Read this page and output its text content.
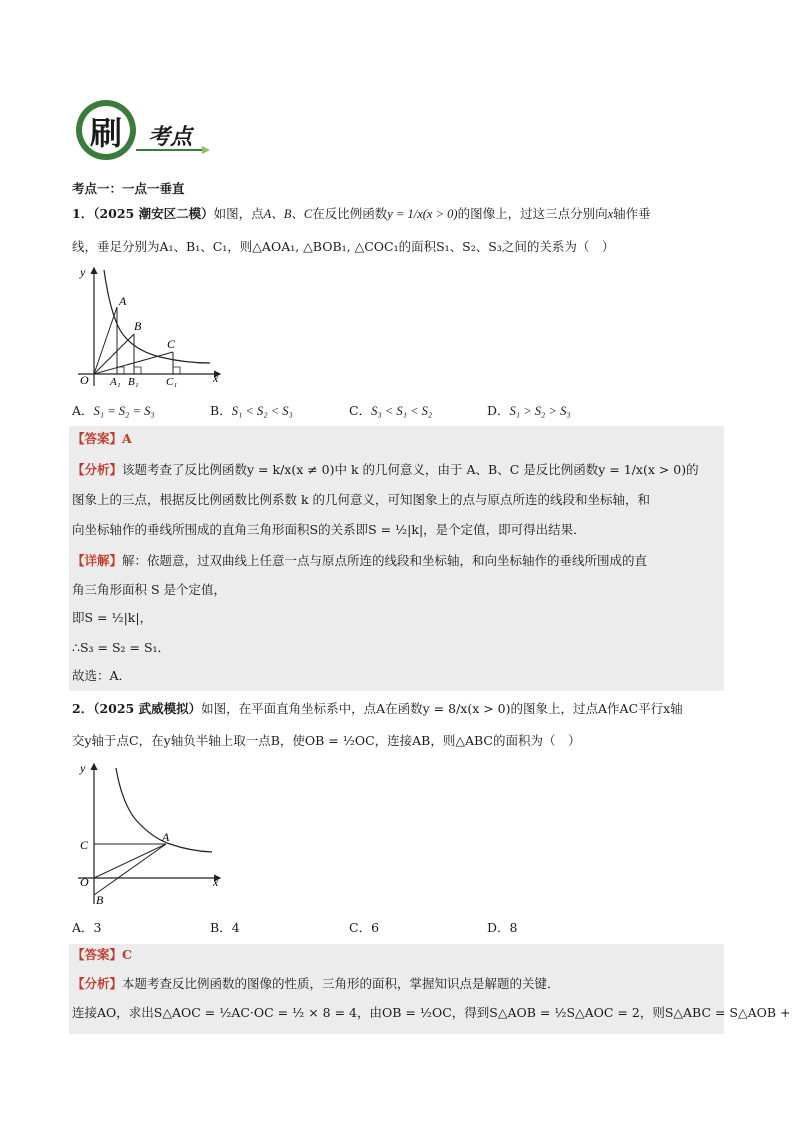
刷 考点
考点一：一点一垂直
1．（2025 潮安区二模）如图，点A、B、C在反比例函数y = 1/x(x > 0)的图像上，过这三点分别向x轴作垂
线，垂足分别为A₁、B₁、C₁，则△AOA₁, △BOB₁, △COC₁的面积S₁、S₂、S₃之间的关系为（　）
y
x
O
A
B
C
A₁ B₁ C₁
A．S₁ = S₂ = S₃	B．S₁ < S₂ < S₃	C．S₃ < S₁ < S₂	D．S₁ > S₂ > S₃
【答案】A
【分析】该题考查了反比例函数y = k/x(x ≠ 0)中 k 的几何意义，由于 A、B、C 是反比例函数y = 1/x(x > 0)的
图象上的三点，根据反比例函数比例系数 k 的几何意义，可知图象上的点与原点所连的线段和坐标轴，和
向坐标轴作的垂线所围成的直角三角形面积S的关系即S = ½|k|，是个定值，即可得出结果．
【详解】解：依题意，过双曲线上任意一点与原点所连的线段和坐标轴，和向坐标轴作的垂线所围成的直
角三角形面积 S 是个定值，
即S = ½|k|，
∴S₃ = S₂ = S₁．
故选：A．
2．（2025 武威模拟）如图，在平面直角坐标系中，点A在函数y = 8/x(x > 0)的图象上，过点A作AC平行x轴
交y轴于点C，在y轴负半轴上取一点B，使OB = ½OC，连接AB，则△ABC的面积为（　）
y
x
O
C
A
B
A．3	B．4	C．6	D．8
【答案】C
【分析】本题考查反比例函数的图像的性质，三角形的面积，掌握知识点是解题的关键．
连接AO，求出S△AOC = ½AC·OC = ½ × 8 = 4，由OB = ½OC，得到S△AOB = ½S△AOC = 2，则S△ABC = S△AOB +
